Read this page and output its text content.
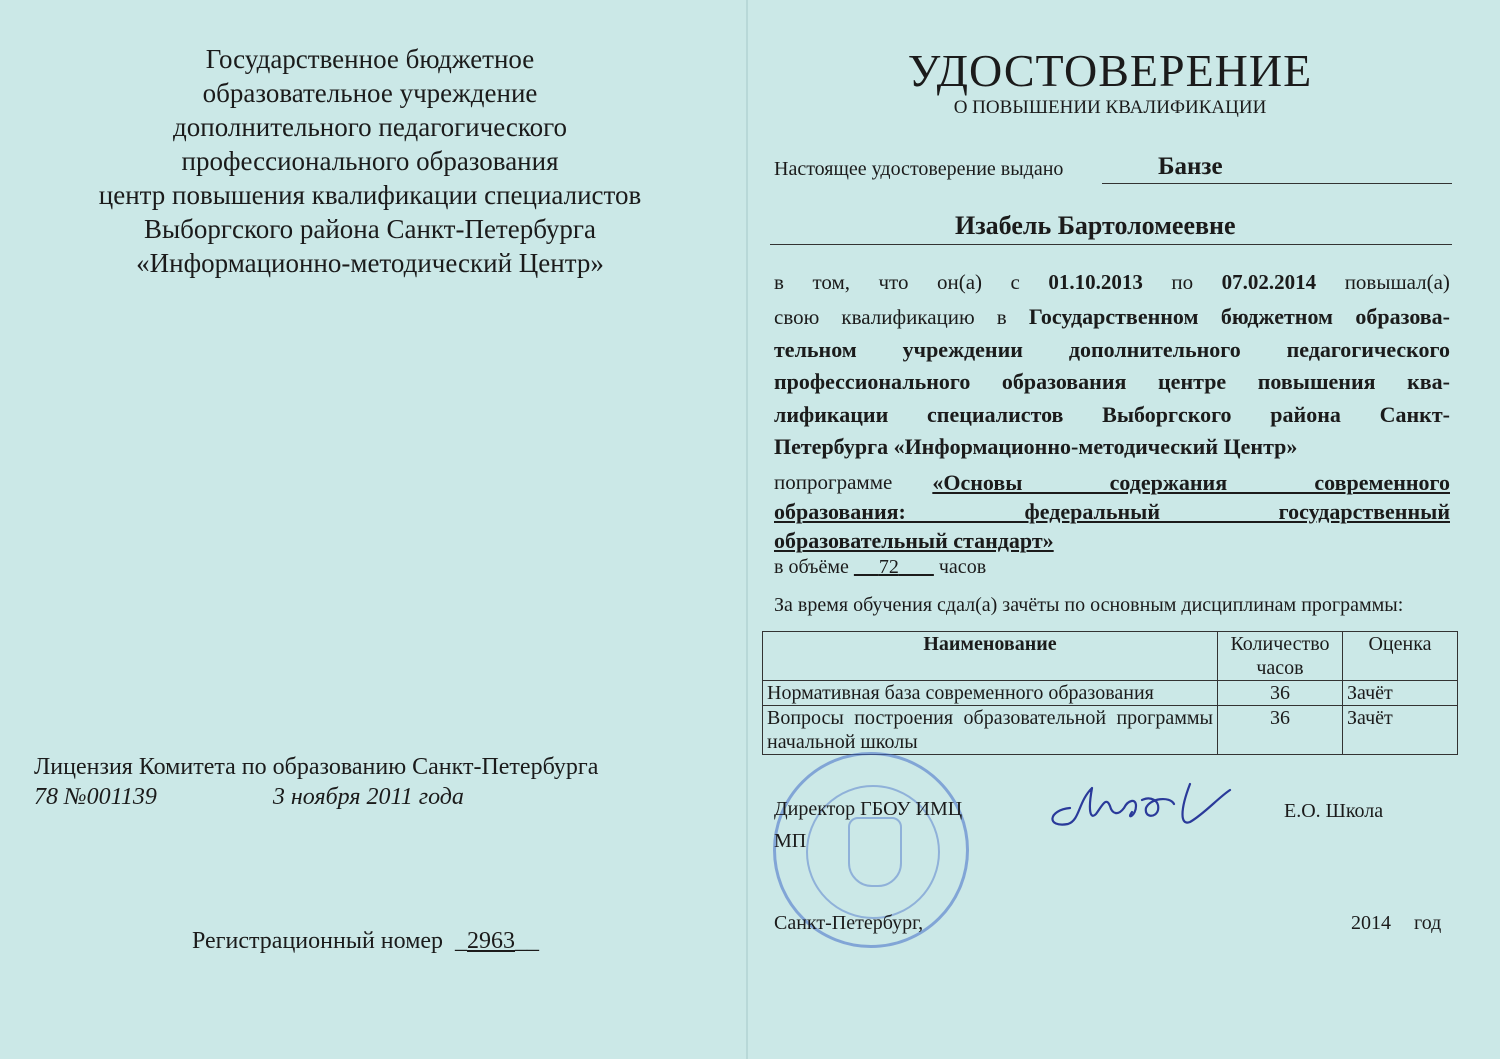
Государственное бюджетное
образовательное учреждение
дополнительного педагогического
профессионального образования
центр повышения квалификации специалистов
Выборгского района Санкт-Петербурга
«Информационно-методический Центр»
Лицензия Комитета по образованию Санкт-Петербурга
78 №001139	3 ноября 2011 года
Регистрационный номер  _2963__
УДОСТОВЕРЕНИЕ
О ПОВЫШЕНИИ КВАЛИФИКАЦИИ
Настоящее удостоверение выдано	Банзе
Изабель Бартоломеевне
в том, что он(а) с 01.10.2013 по 07.02.2014 повышал(а)
свою квалификацию в Государственном бюджетном образова-
тельном учреждении дополнительного педагогического
профессионального образования центре повышения ква-
лификации специалистов Выборгского района Санкт-
Петербурга «Информационно-методический Центр»
по программе «Основы содержания современного
образования: федеральный государственный
образовательный стандарт»
в объёме 72 часов
За время обучения сдал(а) зачёты по основным дисциплинам программы:
Наименование	Количество часов	Оценка
Нормативная база современного образования	36	Зачёт
Вопросы построения образовательной программы начальной школы	36	Зачёт
Директор ГБОУ ИМЦ
МП
Е.О. Школа
Санкт-Петербург,	2014 год
